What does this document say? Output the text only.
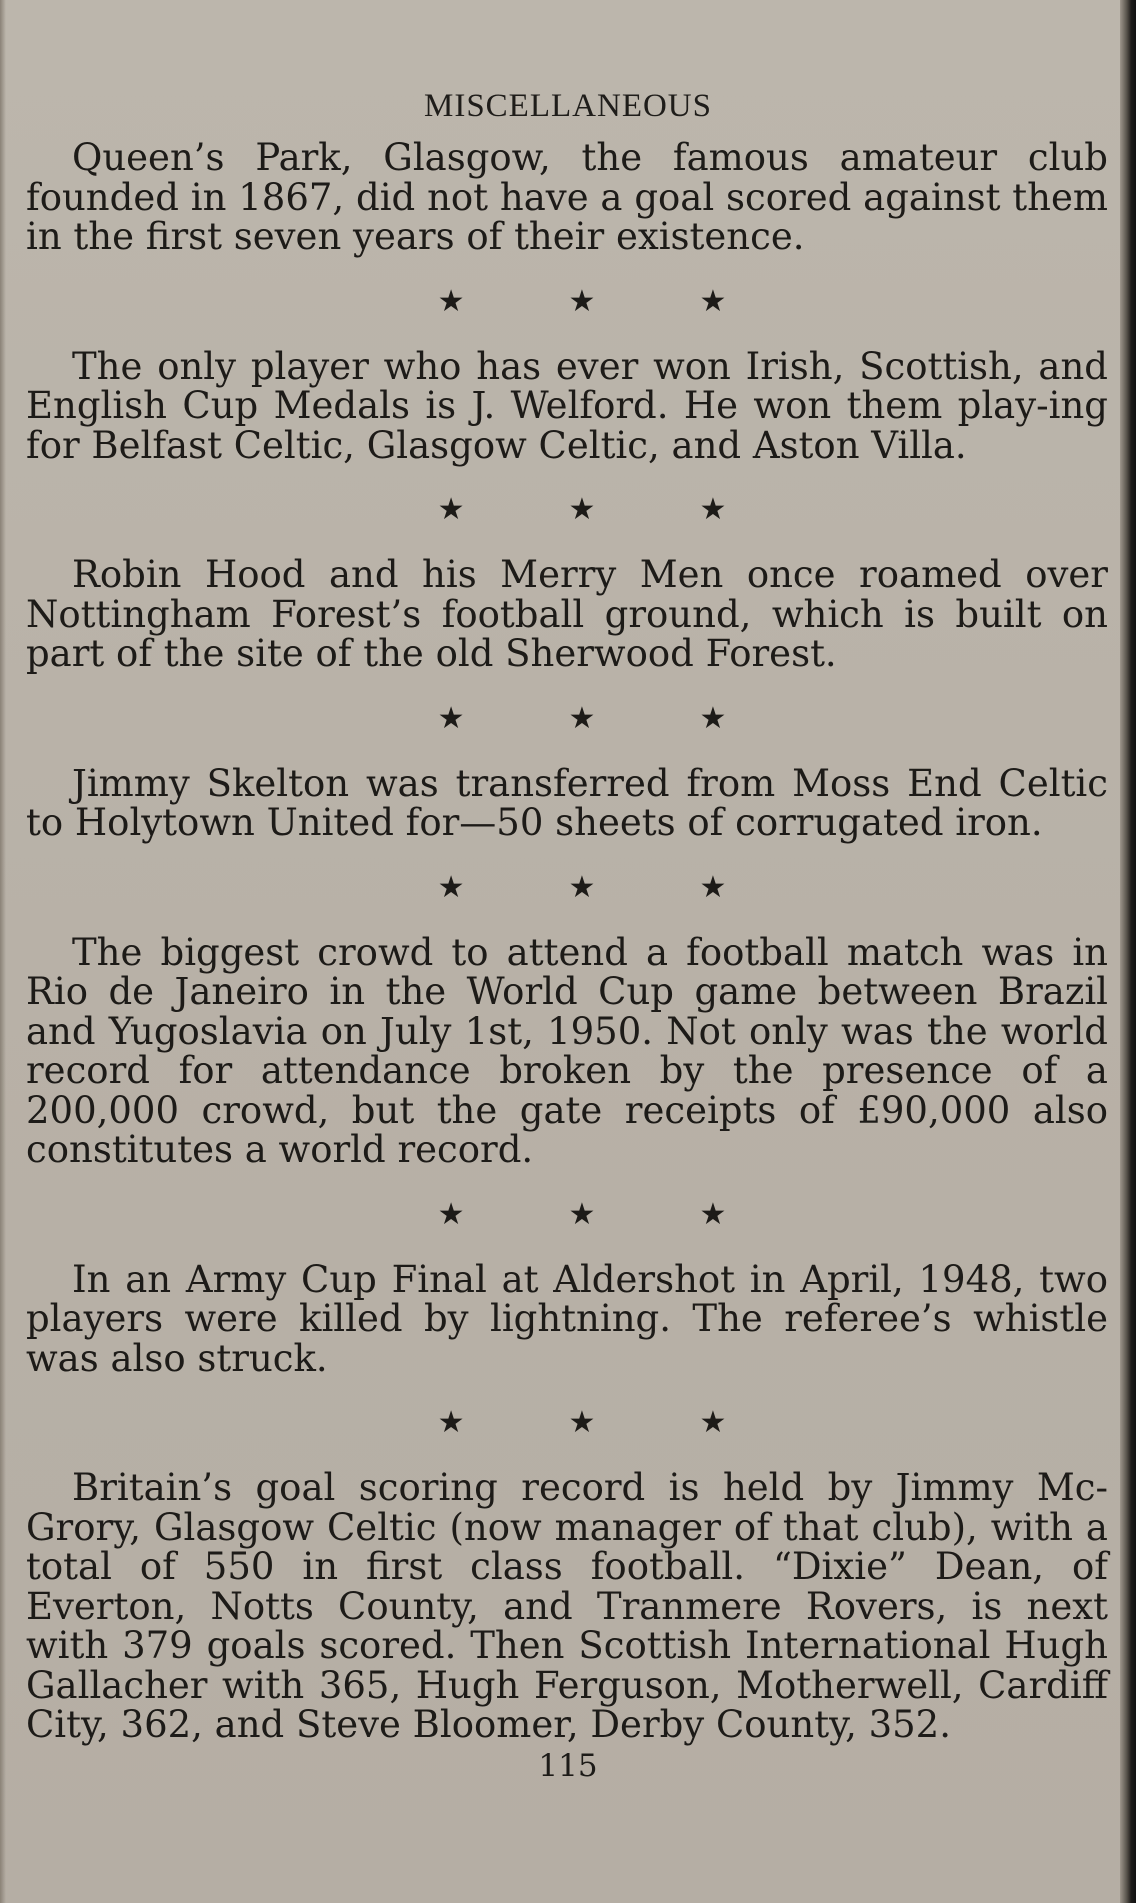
MISCELLANEOUS

Queen’s Park, Glasgow, the famous amateur club founded in 1867, did not have a goal scored against them in the first seven years of their existence.

★	★	★

The only player who has ever won Irish, Scottish, and English Cup Medals is J. Welford. He won them play-ing for Belfast Celtic, Glasgow Celtic, and Aston Villa.

★	★	★

Robin Hood and his Merry Men once roamed over Nottingham Forest’s football ground, which is built on part of the site of the old Sherwood Forest.

★	★	★

Jimmy Skelton was transferred from Moss End Celtic to Holytown United for—50 sheets of corrugated iron.

★	★	★

The biggest crowd to attend a football match was in Rio de Janeiro in the World Cup game between Brazil and Yugoslavia on July 1st, 1950. Not only was the world record for attendance broken by the presence of a 200,000 crowd, but the gate receipts of £90,000 also constitutes a world record.

★	★	★

In an Army Cup Final at Aldershot in April, 1948, two players were killed by lightning. The referee’s whistle was also struck.

★	★	★

Britain’s goal scoring record is held by Jimmy Mc-Grory, Glasgow Celtic (now manager of that club), with a total of 550 in first class football. “Dixie” Dean, of Everton, Notts County, and Tranmere Rovers, is next with 379 goals scored. Then Scottish International Hugh Gallacher with 365, Hugh Ferguson, Motherwell, Cardiff City, 362, and Steve Bloomer, Derby County, 352.

115
